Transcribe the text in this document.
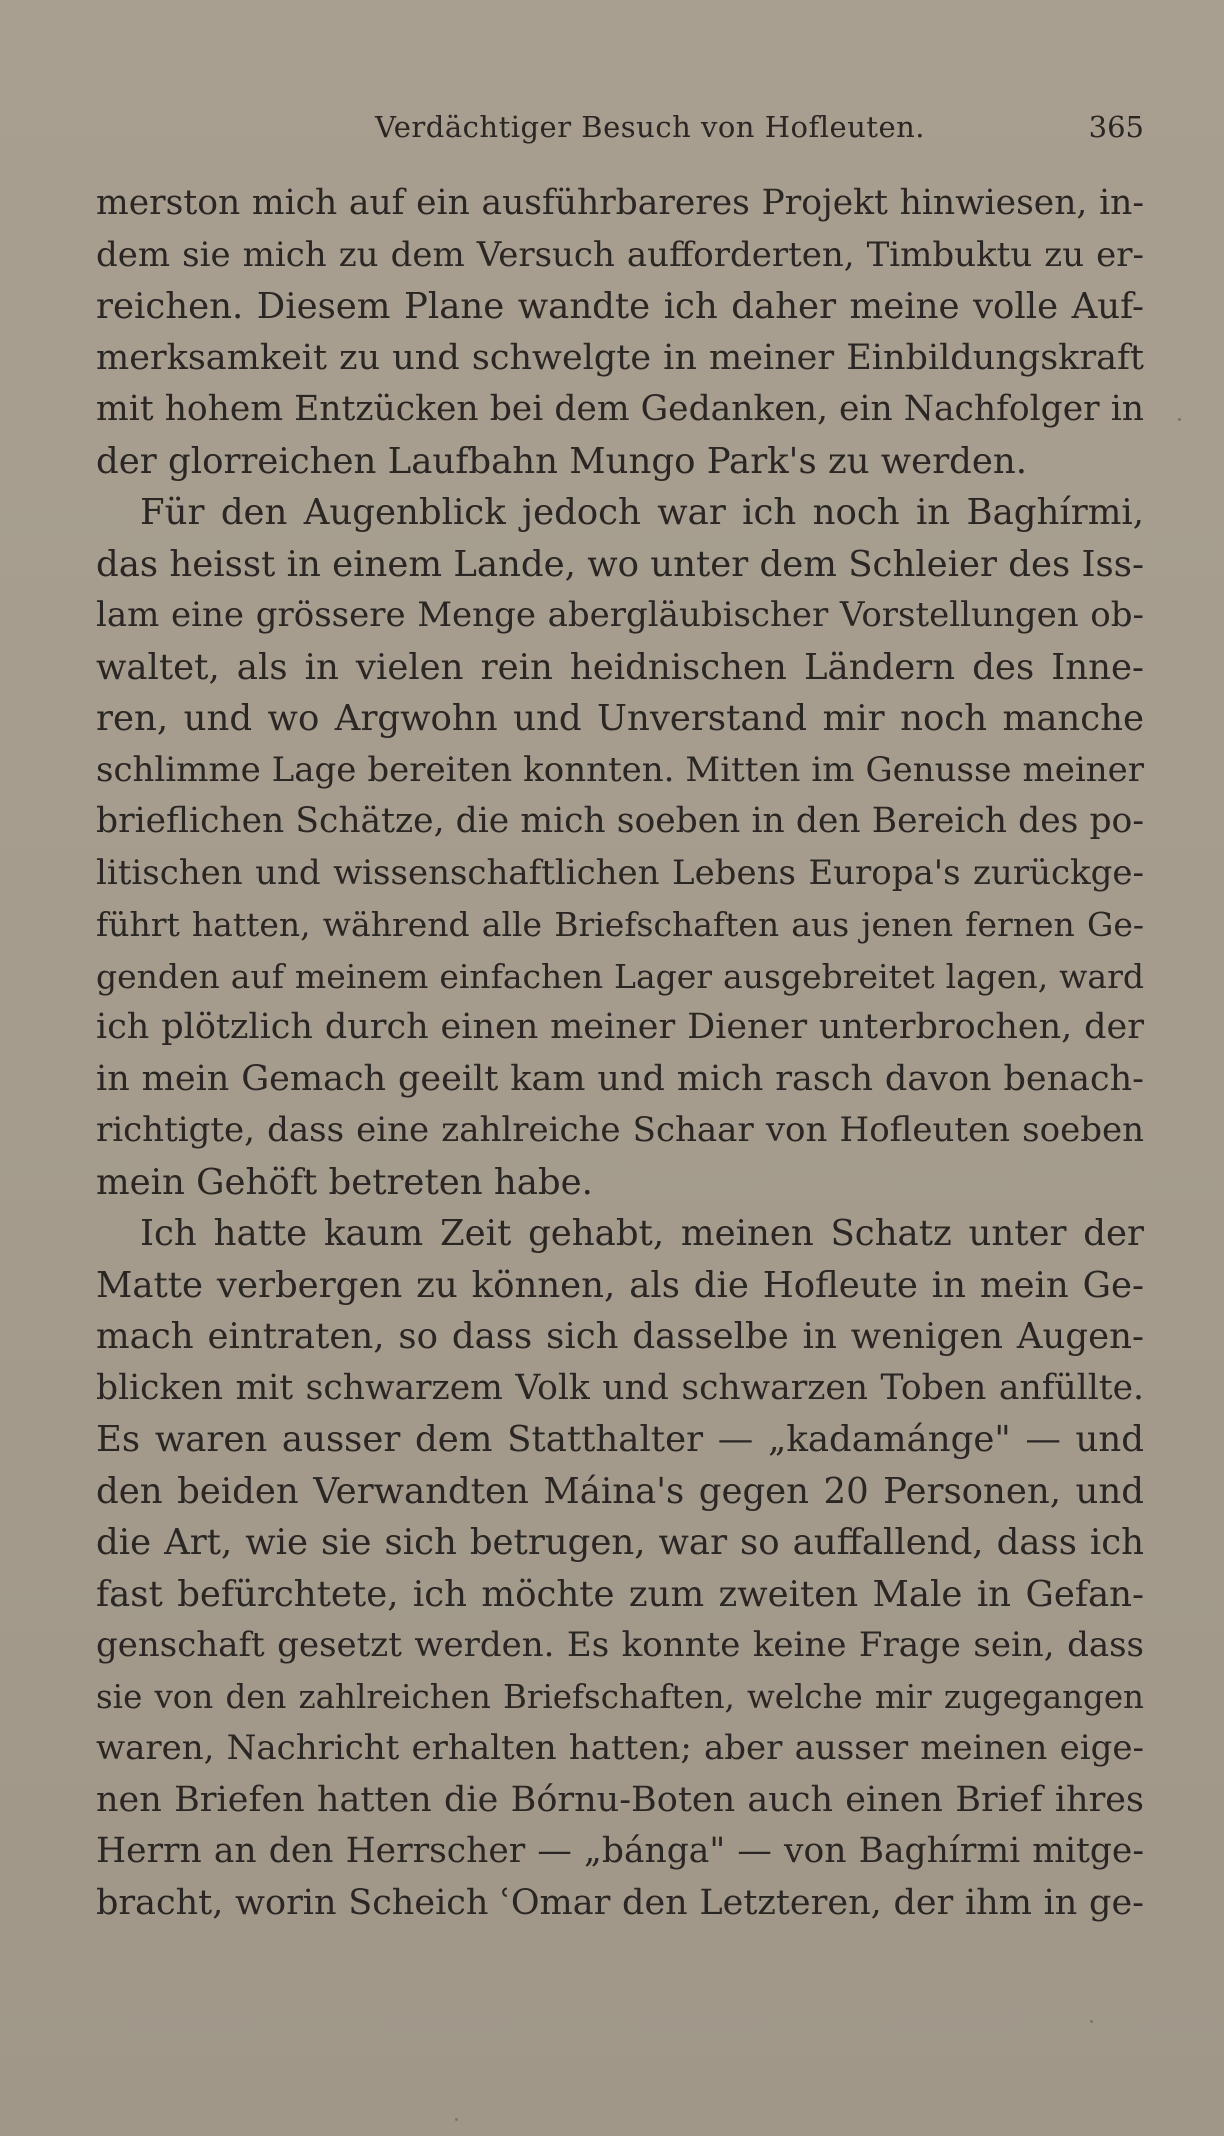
Verdächtiger Besuch von Hofleuten.	365
merston mich auf ein ausführbareres Projekt hinwiesen, in-
dem sie mich zu dem Versuch aufforderten, Timbuktu zu er-
reichen. Diesem Plane wandte ich daher meine volle Auf-
merksamkeit zu und schwelgte in meiner Einbildungskraft
mit hohem Entzücken bei dem Gedanken, ein Nachfolger in
der glorreichen Laufbahn Mungo Park's zu werden.
Für den Augenblick jedoch war ich noch in Baghírmi,
das heisst in einem Lande, wo unter dem Schleier des Iss-
lam eine grössere Menge abergläubischer Vorstellungen ob-
waltet, als in vielen rein heidnischen Ländern des Inne-
ren, und wo Argwohn und Unverstand mir noch manche
schlimme Lage bereiten konnten. Mitten im Genusse meiner
brieflichen Schätze, die mich soeben in den Bereich des po-
litischen und wissenschaftlichen Lebens Europa's zurückge-
führt hatten, während alle Briefschaften aus jenen fernen Ge-
genden auf meinem einfachen Lager ausgebreitet lagen, ward
ich plötzlich durch einen meiner Diener unterbrochen, der
in mein Gemach geeilt kam und mich rasch davon benach-
richtigte, dass eine zahlreiche Schaar von Hofleuten soeben
mein Gehöft betreten habe.
Ich hatte kaum Zeit gehabt, meinen Schatz unter der
Matte verbergen zu können, als die Hofleute in mein Ge-
mach eintraten, so dass sich dasselbe in wenigen Augen-
blicken mit schwarzem Volk und schwarzen Toben anfüllte.
Es waren ausser dem Statthalter — „kadamánge" — und
den beiden Verwandten Máina's gegen 20 Personen, und
die Art, wie sie sich betrugen, war so auffallend, dass ich
fast befürchtete, ich möchte zum zweiten Male in Gefan-
genschaft gesetzt werden. Es konnte keine Frage sein, dass
sie von den zahlreichen Briefschaften, welche mir zugegangen
waren, Nachricht erhalten hatten; aber ausser meinen eige-
nen Briefen hatten die Bórnu-Boten auch einen Brief ihres
Herrn an den Herrscher — „bánga" — von Baghírmi mitge-
bracht, worin Scheich ʿOmar den Letzteren, der ihm in ge-
